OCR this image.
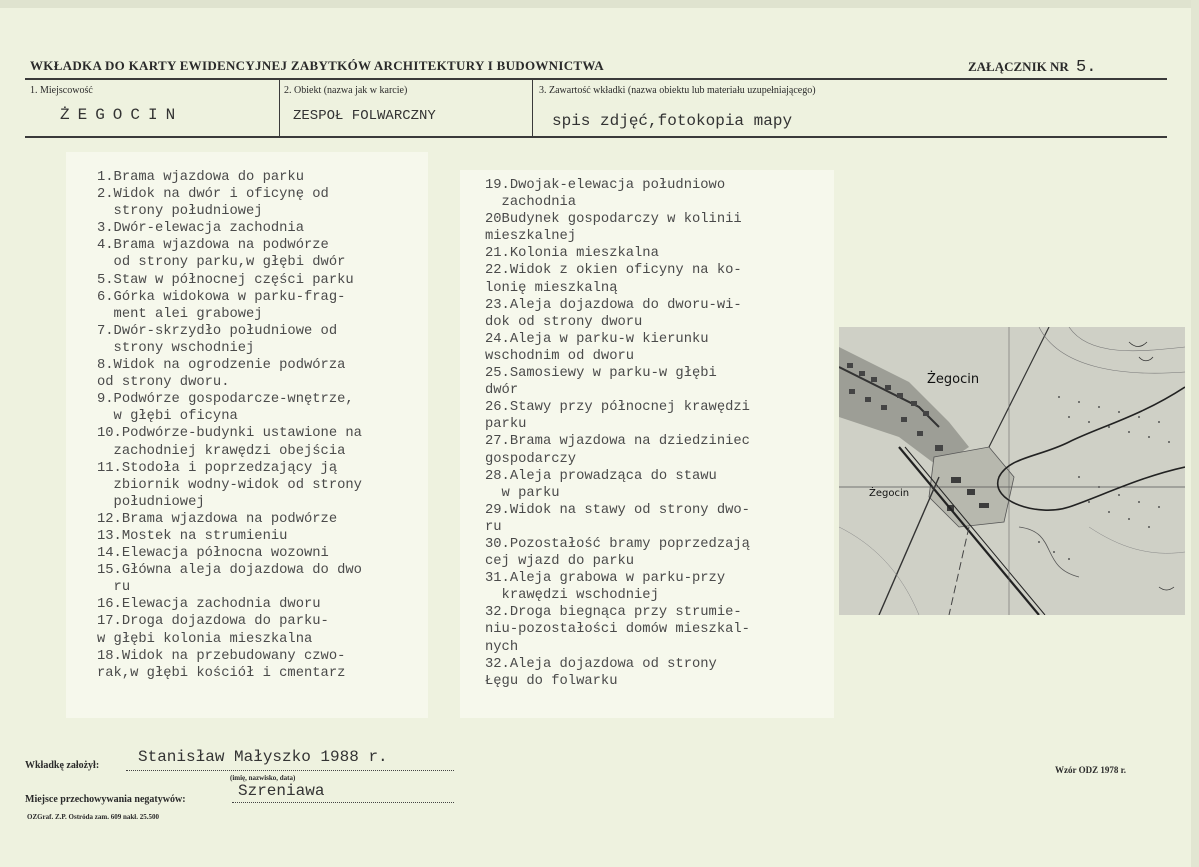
WKŁADKA DO KARTY EWIDENCYJNEJ ZABYTKÓW ARCHITEKTURY I BUDOWNICTWA	ZAŁĄCZNIK NR 5.
1. Miejscowość	2. Obiekt (nazwa jak w karcie)	3. Zawartość wkładki (nazwa obiektu lub materiału uzupełniającego)
ŻEGOCIN	ZESPOŁ FOLWARCZNY	spis zdjęć,fotokopia mapy
1.Brama wjazdowa do parku
2.Widok na dwór i oficynę od
strony południowej
3.Dwór-elewacja zachodnia
4.Brama wjazdowa na podwórze
od strony parku,w głębi dwór
5.Staw w północnej części parku
6.Górka widokowa w parku-frag-
ment alei grabowej
7.Dwór-skrzydło południowe od
strony wschodniej
8.Widok na ogrodzenie podwórza
od strony dworu.
9.Podwórze gospodarcze-wnętrze,
w głębi oficyna
10.Podwórze-budynki ustawione na
zachodniej krawędzi obejścia
11.Stodoła i poprzedzający ją
zbiornik wodny-widok od strony
południowej
12.Brama wjazdowa na podwórze
13.Mostek na strumieniu
14.Elewacja północna wozowni
15.Główna aleja dojazdowa do dwo
ru
16.Elewacja zachodnia dworu
17.Droga dojazdowa do parku-
w głębi kolonia mieszkalna
18.Widok na przebudowany czwo-
rak,w głębi kościół i cmentarz
19.Dwojak-elewacja południowo
zachodnia
20Budynek gospodarczy w kolinii
mieszkalnej
21.Kolonia mieszkalna
22.Widok z okien oficyny na ko-
lonię mieszkalną
23.Aleja dojazdowa do dworu-wi-
dok od strony dworu
24.Aleja w parku-w kierunku
wschodnim od dworu
25.Samosiewy w parku-w głębi
dwór
26.Stawy przy północnej krawędzi
parku
27.Brama wjazdowa na dziedziniec
gospodarczy
28.Aleja prowadząca do stawu
w parku
29.Widok na stawy od strony dwo-
ru
30.Pozostałość bramy poprzedzają
cej wjazd do parku
31.Aleja grabowa w parku-przy
krawędzi wschodniej
32.Droga biegnąca przy strumie-
niu-pozostałości domów mieszkal-
nych
32.Aleja dojazdowa od strony
Łęgu do folwarku
Żegocin
Żegocin
Wkładkę założył: Stanisław Małyszko 1988 r.
(imię, nazwisko, data)
Miejsce przechowywania negatywów:	Szreniawa
Wzór ODZ 1978 r.
OZGraf. Z.P. Ostróda zam. 609 nakł. 25.500
